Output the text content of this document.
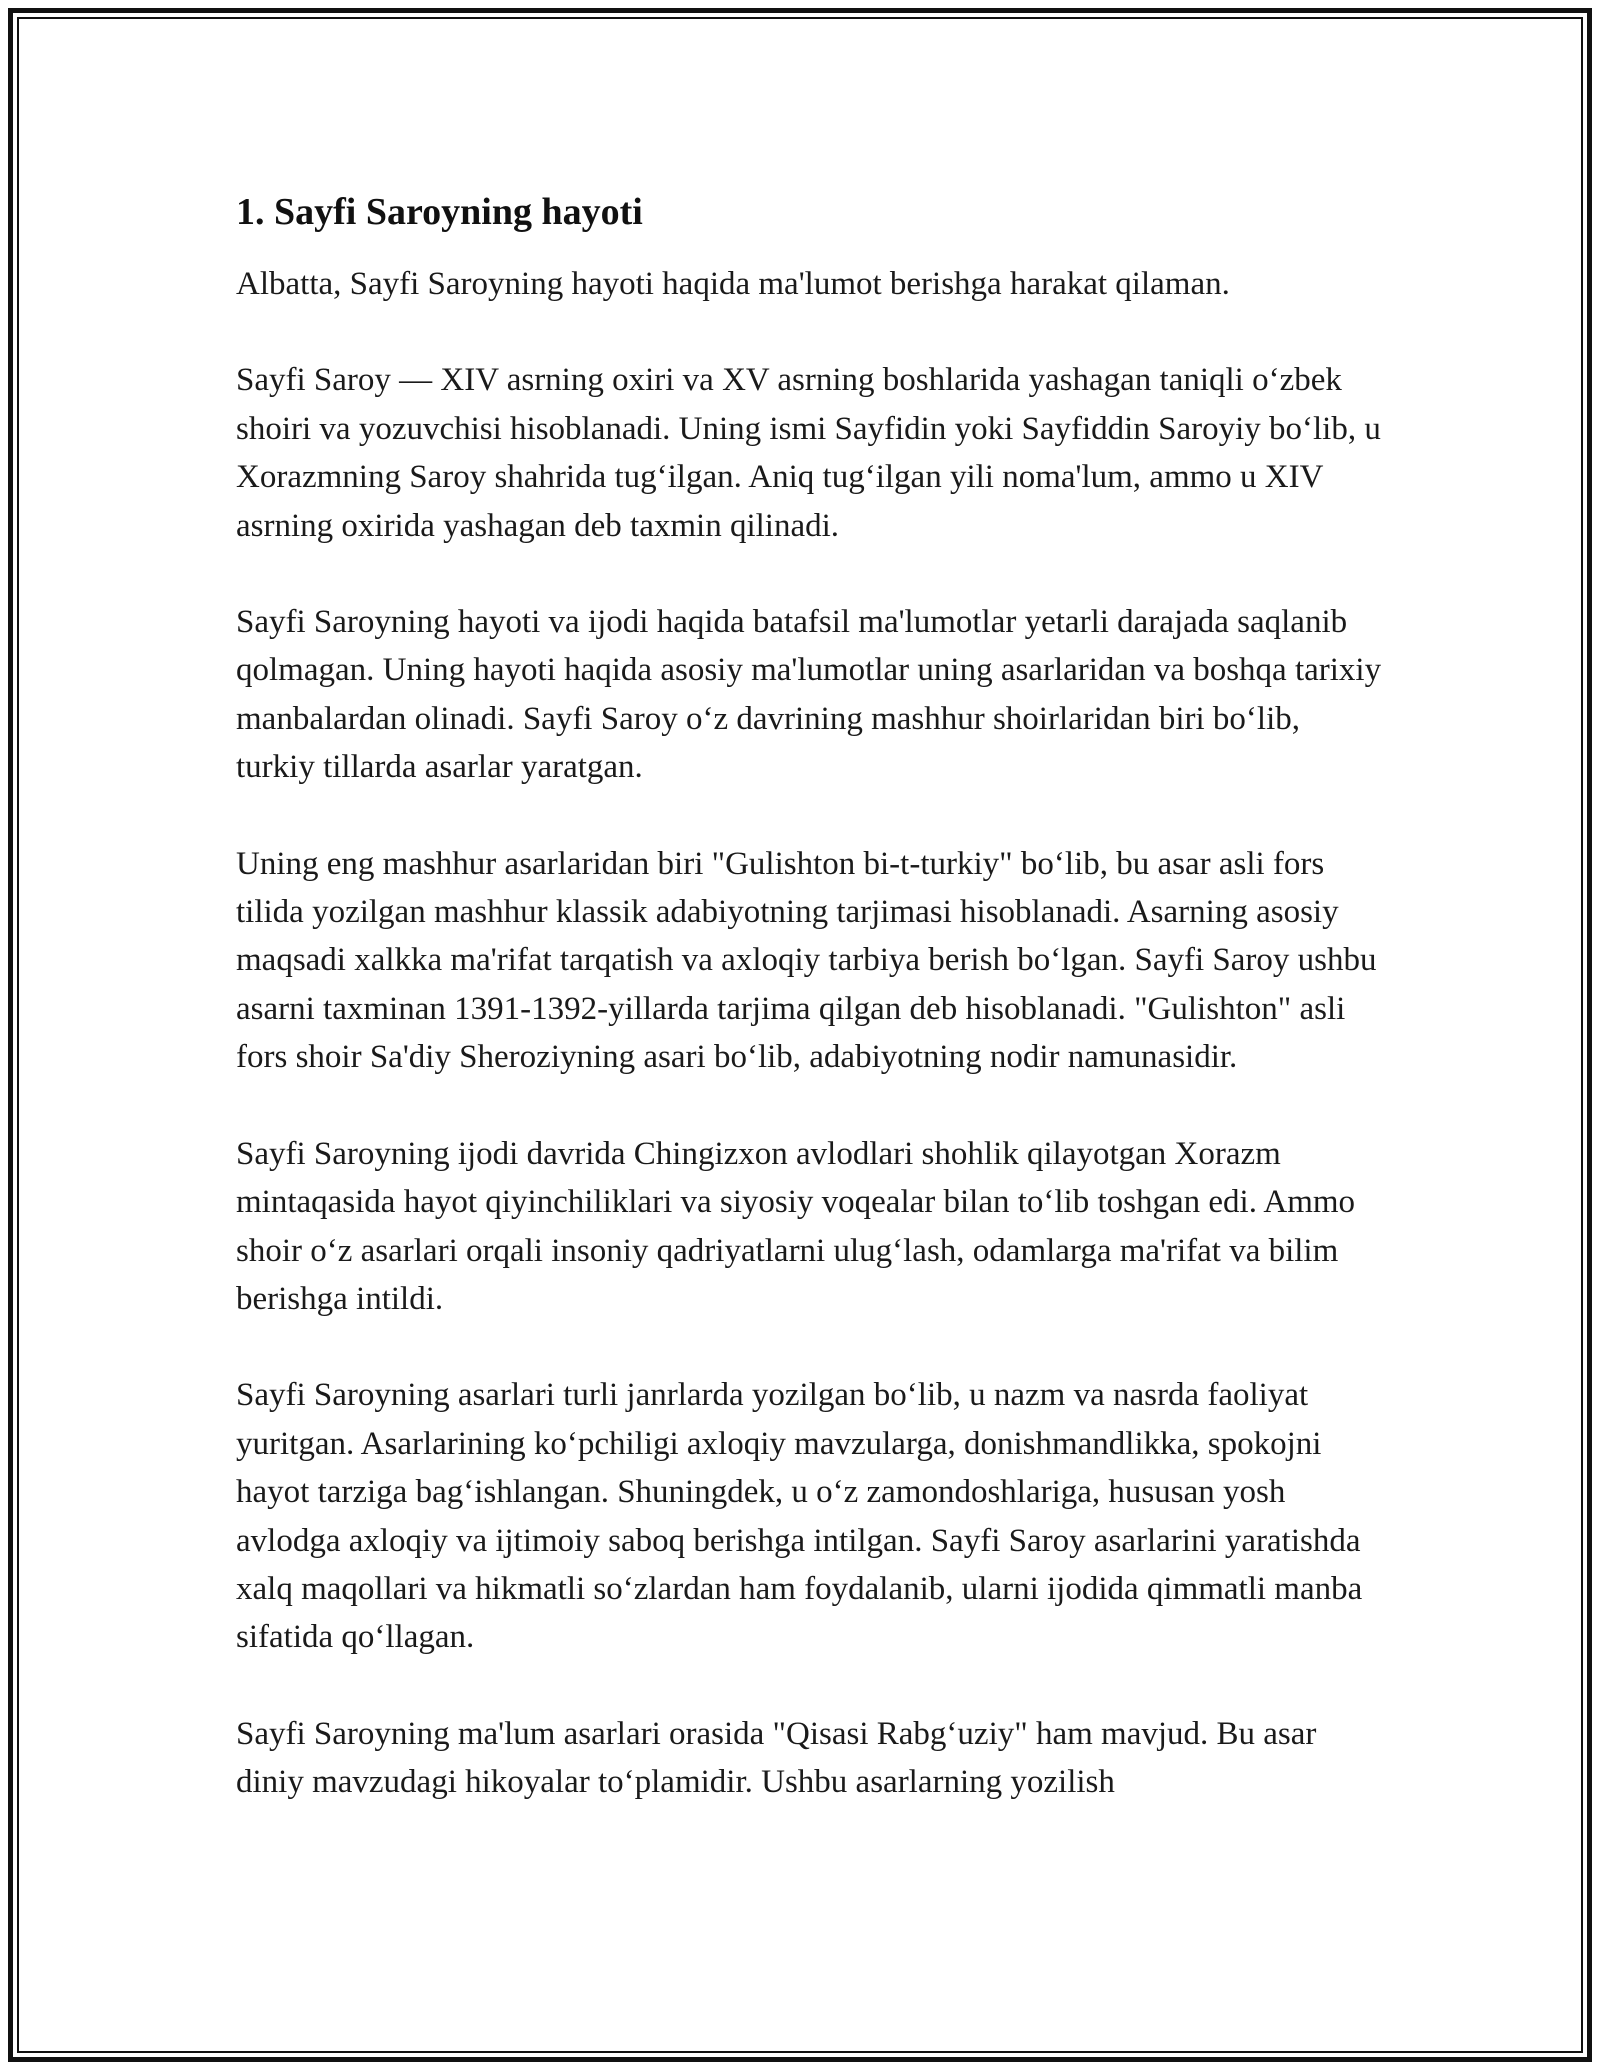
1. Sayfi Saroyning hayoti

Albatta, Sayfi Saroyning hayoti haqida ma'lumot berishga harakat qilaman.

Sayfi Saroy — XIV asrning oxiri va XV asrning boshlarida yashagan taniqli o‘zbek shoiri va yozuvchisi hisoblanadi. Uning ismi Sayfidin yoki Sayfiddin Saroyiy bo‘lib, u Xorazmning Saroy shahrida tug‘ilgan. Aniq tug‘ilgan yili noma'lum, ammo u XIV asrning oxirida yashagan deb taxmin qilinadi.

Sayfi Saroyning hayoti va ijodi haqida batafsil ma'lumotlar yetarli darajada saqlanib qolmagan. Uning hayoti haqida asosiy ma'lumotlar uning asarlaridan va boshqa tarixiy manbalardan olinadi. Sayfi Saroy o‘z davrining mashhur shoirlaridan biri bo‘lib, turkiy tillarda asarlar yaratgan.

Uning eng mashhur asarlaridan biri "Gulishton bi-t-turkiy" bo‘lib, bu asar asli fors tilida yozilgan mashhur klassik adabiyotning tarjimasi hisoblanadi. Asarning asosiy maqsadi xalkka ma'rifat tarqatish va axloqiy tarbiya berish bo‘lgan. Sayfi Saroy ushbu asarni taxminan 1391-1392-yillarda tarjima qilgan deb hisoblanadi. "Gulishton" asli fors shoir Sa'diy Sheroziyning asari bo‘lib, adabiyotning nodir namunasidir.

Sayfi Saroyning ijodi davrida Chingizxon avlodlari shohlik qilayotgan Xorazm mintaqasida hayot qiyinchiliklari va siyosiy voqealar bilan to‘lib toshgan edi. Ammo shoir o‘z asarlari orqali insoniy qadriyatlarni ulug‘lash, odamlarga ma'rifat va bilim berishga intildi.

Sayfi Saroyning asarlari turli janrlarda yozilgan bo‘lib, u nazm va nasrda faoliyat yuritgan. Asarlarining ko‘pchiligi axloqiy mavzularga, donishmandlikka, spokojni hayot tarziga bag‘ishlangan. Shuningdek, u o‘z zamondoshlariga, hususan yosh avlodga axloqiy va ijtimoiy saboq berishga intilgan. Sayfi Saroy asarlarini yaratishda xalq maqollari va hikmatli so‘zlardan ham foydalanib, ularni ijodida qimmatli manba sifatida qo‘llagan.

Sayfi Saroyning ma'lum asarlari orasida "Qisasi Rabg‘uziy" ham mavjud. Bu asar diniy mavzudagi hikoyalar to‘plamidir. Ushbu asarlarning yozilish
